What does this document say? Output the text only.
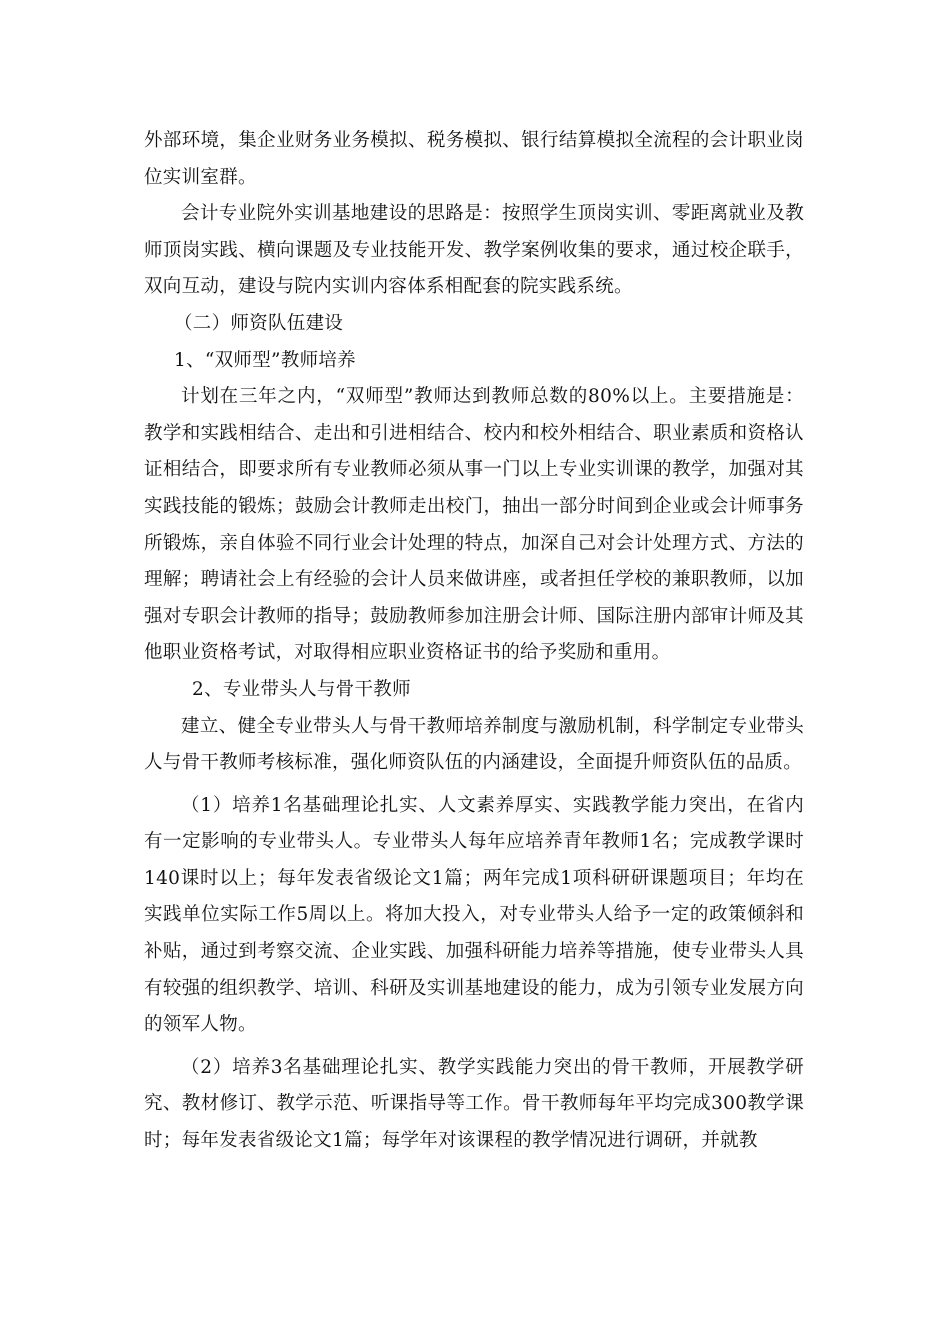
外部环境，集企业财务业务模拟、税务模拟、银行结算模拟全流程的会计职业岗位实训室群。

会计专业院外实训基地建设的思路是：按照学生顶岗实训、零距离就业及教师顶岗实践、横向课题及专业技能开发、教学案例收集的要求，通过校企联手，双向互动，建设与院内实训内容体系相配套的院实践系统。

（二）师资队伍建设

1、“双师型”教师培养

计划在三年之内，“双师型”教师达到教师总数的80%以上。主要措施是：教学和实践相结合、走出和引进相结合、校内和校外相结合、职业素质和资格认证相结合，即要求所有专业教师必须从事一门以上专业实训课的教学，加强对其实践技能的锻炼；鼓励会计教师走出校门，抽出一部分时间到企业或会计师事务所锻炼，亲自体验不同行业会计处理的特点，加深自己对会计处理方式、方法的理解；聘请社会上有经验的会计人员来做讲座，或者担任学校的兼职教师，以加强对专职会计教师的指导；鼓励教师参加注册会计师、国际注册内部审计师及其他职业资格考试，对取得相应职业资格证书的给予奖励和重用。

2、专业带头人与骨干教师

建立、健全专业带头人与骨干教师培养制度与激励机制，科学制定专业带头人与骨干教师考核标准，强化师资队伍的内涵建设，全面提升师资队伍的品质。

（1）培养1名基础理论扎实、人文素养厚实、实践教学能力突出，在省内有一定影响的专业带头人。专业带头人每年应培养青年教师1名；完成教学课时140课时以上；每年发表省级论文1篇；两年完成1项科研研课题项目；年均在实践单位实际工作5周以上。将加大投入，对专业带头人给予一定的政策倾斜和补贴，通过到考察交流、企业实践、加强科研能力培养等措施，使专业带头人具有较强的组织教学、培训、科研及实训基地建设的能力，成为引领专业发展方向的领军人物。

（2）培养3名基础理论扎实、教学实践能力突出的骨干教师，开展教学研究、教材修订、教学示范、听课指导等工作。骨干教师每年平均完成300教学课时；每年发表省级论文1篇；每学年对该课程的教学情况进行调研，并就教
